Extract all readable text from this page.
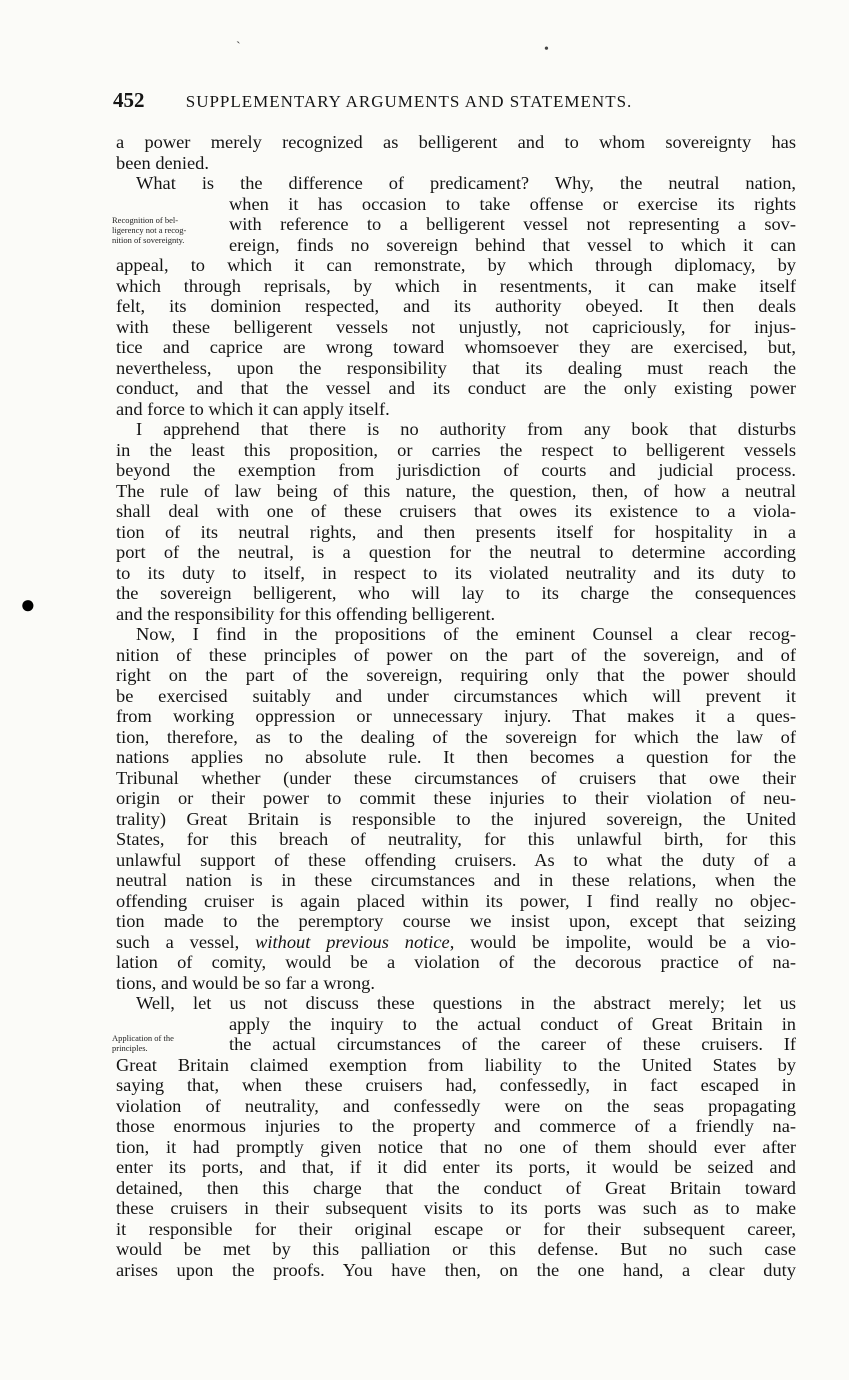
452 SUPPLEMENTARY ARGUMENTS AND STATEMENTS.
Recognition of bel-
ligerency not a recog-
nition of sovereignty.
Application of the
principles.
ˋ	•
●
a power merely recognized as belligerent and to whom sovereignty has
been denied.
What is the difference of predicament? Why, the neutral nation,
when it has occasion to take offense or exercise its rights
with reference to a belligerent vessel not representing a sov-
ereign, finds no sovereign behind that vessel to which it can
appeal, to which it can remonstrate, by which through diplomacy, by
which through reprisals, by which in resentments, it can make itself
felt, its dominion respected, and its authority obeyed. It then deals
with these belligerent vessels not unjustly, not capriciously, for injus-
tice and caprice are wrong toward whomsoever they are exercised, but,
nevertheless, upon the responsibility that its dealing must reach the
conduct, and that the vessel and its conduct are the only existing power
and force to which it can apply itself.
I apprehend that there is no authority from any book that disturbs
in the least this proposition, or carries the respect to belligerent vessels
beyond the exemption from jurisdiction of courts and judicial process.
The rule of law being of this nature, the question, then, of how a neutral
shall deal with one of these cruisers that owes its existence to a viola-
tion of its neutral rights, and then presents itself for hospitality in a
port of the neutral, is a question for the neutral to determine according
to its duty to itself, in respect to its violated neutrality and its duty to
the sovereign belligerent, who will lay to its charge the consequences
and the responsibility for this offending belligerent.
Now, I find in the propositions of the eminent Counsel a clear recog-
nition of these principles of power on the part of the sovereign, and of
right on the part of the sovereign, requiring only that the power should
be exercised suitably and under circumstances which will prevent it
from working oppression or unnecessary injury. That makes it a ques-
tion, therefore, as to the dealing of the sovereign for which the law of
nations applies no absolute rule. It then becomes a question for the
Tribunal whether (under these circumstances of cruisers that owe their
origin or their power to commit these injuries to their violation of neu-
trality) Great Britain is responsible to the injured sovereign, the United
States, for this breach of neutrality, for this unlawful birth, for this
unlawful support of these offending cruisers. As to what the duty of a
neutral nation is in these circumstances and in these relations, when the
offending cruiser is again placed within its power, I find really no objec-
tion made to the peremptory course we insist upon, except that seizing
such a vessel, without previous notice, would be impolite, would be a vio-
lation of comity, would be a violation of the decorous practice of na-
tions, and would be so far a wrong.
Well, let us not discuss these questions in the abstract merely; let us
apply the inquiry to the actual conduct of Great Britain in
the actual circumstances of the career of these cruisers. If
Great Britain claimed exemption from liability to the United States by
saying that, when these cruisers had, confessedly, in fact escaped in
violation of neutrality, and confessedly were on the seas propagating
those enormous injuries to the property and commerce of a friendly na-
tion, it had promptly given notice that no one of them should ever after
enter its ports, and that, if it did enter its ports, it would be seized and
detained, then this charge that the conduct of Great Britain toward
these cruisers in their subsequent visits to its ports was such as to make
it responsible for their original escape or for their subsequent career,
would be met by this palliation or this defense. But no such case
arises upon the proofs. You have then, on the one hand, a clear duty
